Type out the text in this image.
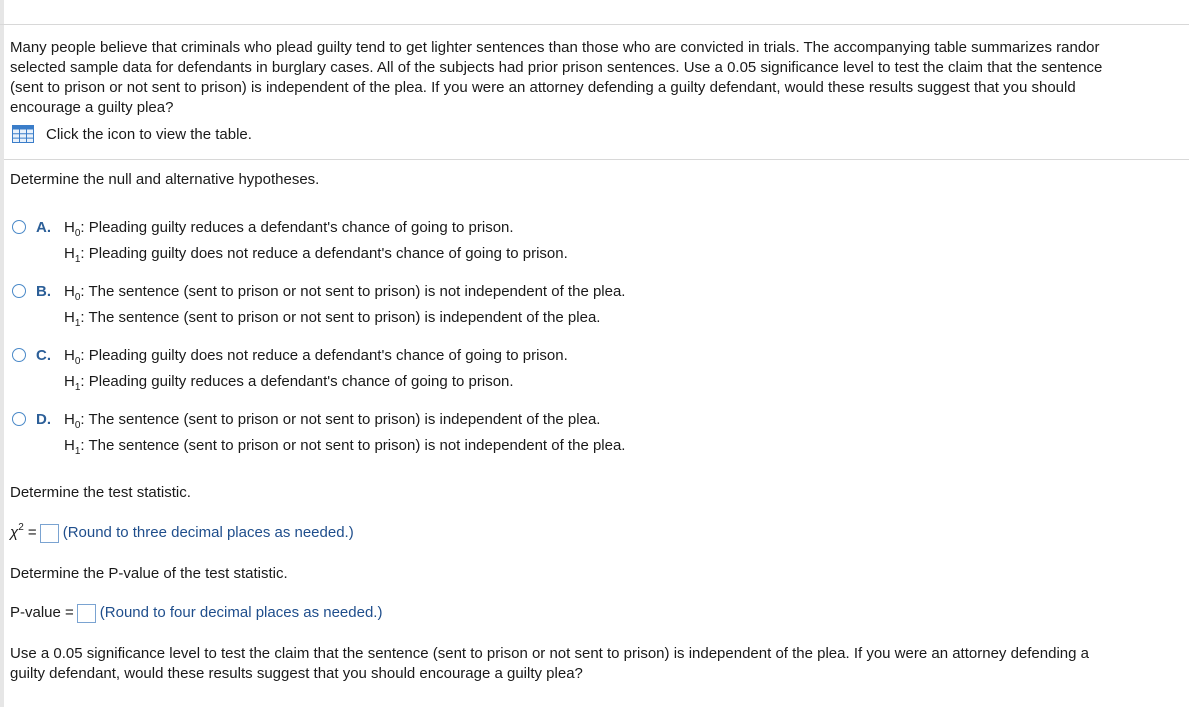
Many people believe that criminals who plead guilty tend to get lighter sentences than those who are convicted in trials. The accompanying table summarizes randor
selected sample data for defendants in burglary cases. All of the subjects had prior prison sentences. Use a 0.05 significance level to test the claim that the sentence
(sent to prison or not sent to prison) is independent of the plea. If you were an attorney defending a guilty defendant, would these results suggest that you should
encourage a guilty plea?
Click the icon to view the table.
Determine the null and alternative hypotheses.
A. $H_0$: Pleading guilty reduces a defendant's chance of going to prison.
$H_1$: Pleading guilty does not reduce a defendant's chance of going to prison.
B. $H_0$: The sentence (sent to prison or not sent to prison) is not independent of the plea.
$H_1$: The sentence (sent to prison or not sent to prison) is independent of the plea.
C. $H_0$: Pleading guilty does not reduce a defendant's chance of going to prison.
$H_1$: Pleading guilty reduces a defendant's chance of going to prison.
D. $H_0$: The sentence (sent to prison or not sent to prison) is independent of the plea.
$H_1$: The sentence (sent to prison or not sent to prison) is not independent of the plea.
Determine the test statistic.
$\chi^2$ = (Round to three decimal places as needed.)
Determine the P-value of the test statistic.
P-value = (Round to four decimal places as needed.)
Use a 0.05 significance level to test the claim that the sentence (sent to prison or not sent to prison) is independent of the plea. If you were an attorney defending a
guilty defendant, would these results suggest that you should encourage a guilty plea?
